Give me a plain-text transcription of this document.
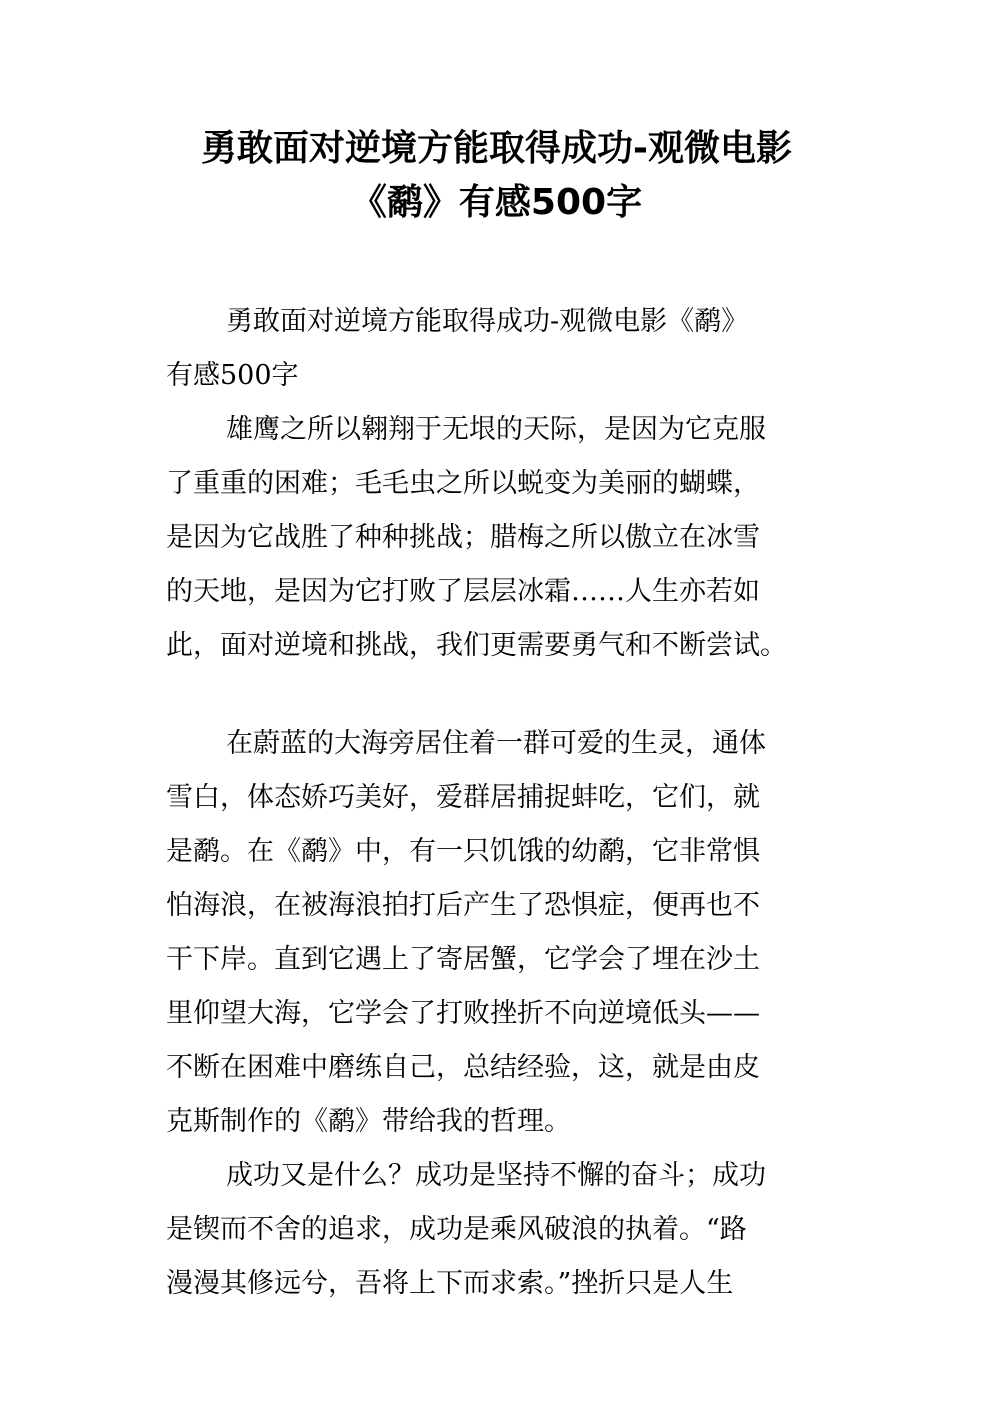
勇敢面对逆境方能取得成功-观微电影
《鹬》有感500字
勇敢面对逆境方能取得成功-观微电影《鹬》
有感500字
雄鹰之所以翱翔于无垠的天际，是因为它克服
了重重的困难；毛毛虫之所以蜕变为美丽的蝴蝶，
是因为它战胜了种种挑战；腊梅之所以傲立在冰雪
的天地，是因为它打败了层层冰霜……人生亦若如
此，面对逆境和挑战，我们更需要勇气和不断尝试。
在蔚蓝的大海旁居住着一群可爱的生灵，通体
雪白，体态娇巧美好，爱群居捕捉蚌吃，它们，就
是鹬。在《鹬》中，有一只饥饿的幼鹬，它非常惧
怕海浪，在被海浪拍打后产生了恐惧症，便再也不
干下岸。直到它遇上了寄居蟹，它学会了埋在沙土
里仰望大海，它学会了打败挫折不向逆境低头——
不断在困难中磨练自己，总结经验，这，就是由皮
克斯制作的《鹬》带给我的哲理。
成功又是什么？成功是坚持不懈的奋斗；成功
是锲而不舍的追求，成功是乘风破浪的执着。“路
漫漫其修远兮，吾将上下而求索。”挫折只是人生
